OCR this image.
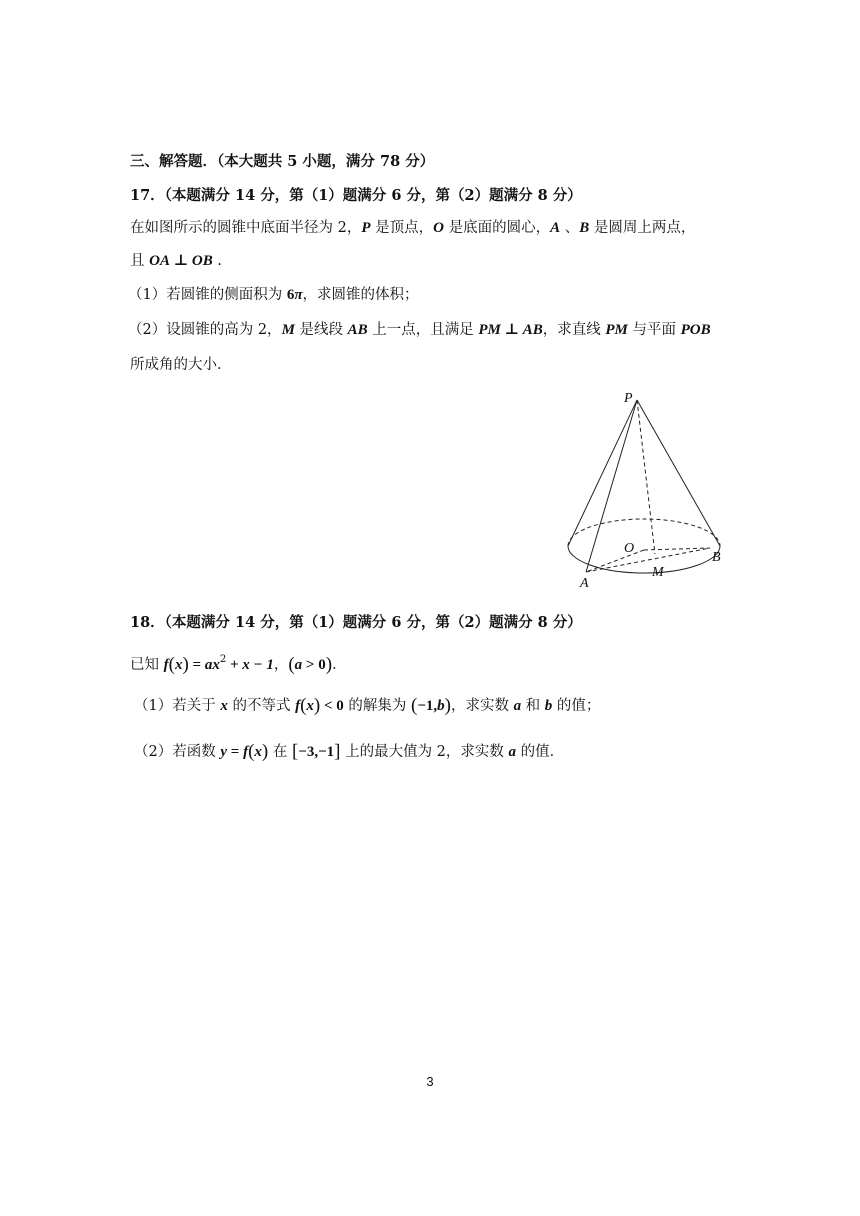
三、解答题．（本大题共 5 小题，满分 78 分）
17．（本题满分 14 分，第（1）题满分 6 分，第（2）题满分 8 分）
在如图所示的圆锥中底面半径为 2，P 是顶点，O 是底面的圆心，A 、B 是圆周上两点，
且 OA ⊥ OB .
（1）若圆锥的侧面积为 6π，求圆锥的体积；
（2）设圆锥的高为 2，M 是线段 AB 上一点，且满足 PM ⊥ AB，求直线 PM 与平面 POB
所成角的大小．
P
O
B
A
M
18．（本题满分 14 分，第（1）题满分 6 分，第（2）题满分 8 分）
已知 $f(x) = ax^2 + x - 1$，(a > 0)．
（1）若关于 x 的不等式 f(x) < 0 的解集为 (−1,b)，求实数 a 和 b 的值；
（2）若函数 y = f(x) 在 [−3,−1] 上的最大值为 2，求实数 a 的值．
3
